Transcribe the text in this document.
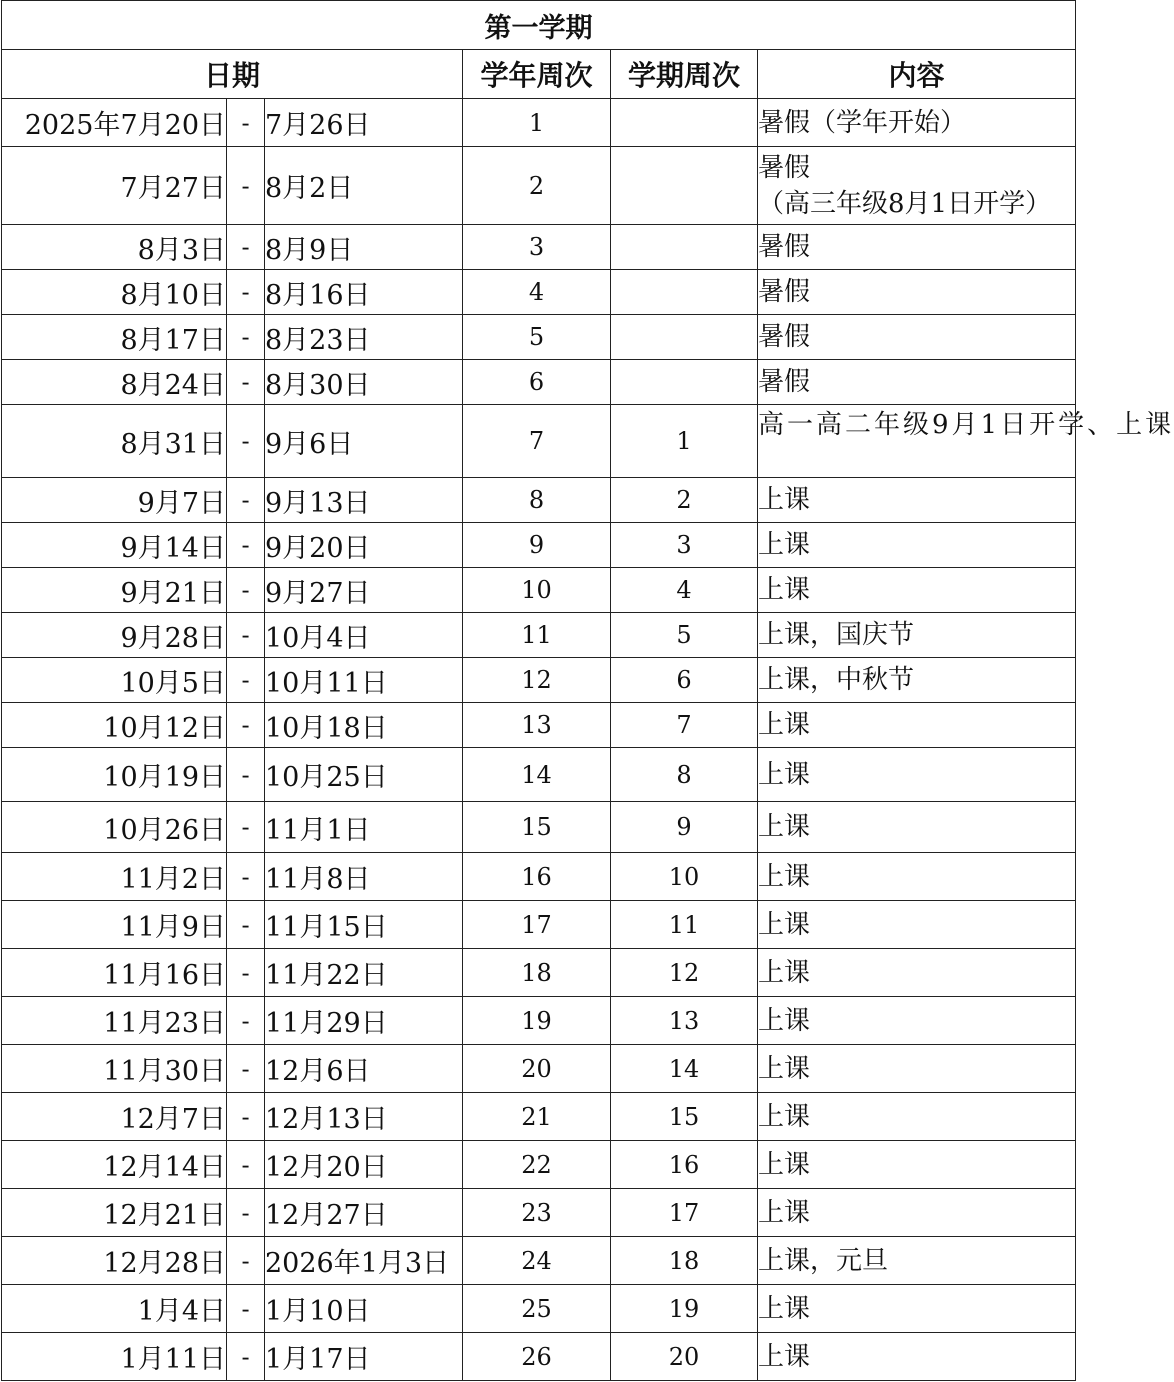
第一学期					
日期			学年周次	学期周次	内容
2025年7月20日	-	7月26日	1		暑假（学年开始）

7月27日	-	8月2日	2		暑假
（高三年级8月1日开学）

8月3日	-	8月9日	3		暑假

8月10日	-	8月16日	4		暑假

8月17日	-	8月23日	5		暑假

8月24日	-	8月30日	6		暑假

8月31日	-	9月6日	7	1	高一高二年级9月1日开学、上课

9月7日	-	9月13日	8	2	上课

9月14日	-	9月20日	9	3	上课

9月21日	-	9月27日	10	4	上课

9月28日	-	10月4日	11	5	上课，国庆节

10月5日	-	10月11日	12	6	上课，中秋节

10月12日	-	10月18日	13	7	上课

10月19日	-	10月25日	14	8	上课

10月26日	-	11月1日	15	9	上课

11月2日	-	11月8日	16	10	上课

11月9日	-	11月15日	17	11	上课

11月16日	-	11月22日	18	12	上课

11月23日	-	11月29日	19	13	上课

11月30日	-	12月6日	20	14	上课

12月7日	-	12月13日	21	15	上课

12月14日	-	12月20日	22	16	上课

12月21日	-	12月27日	23	17	上课

12月28日	-	2026年1月3日	24	18	上课，元旦

1月4日	-	1月10日	25	19	上课

1月11日	-	1月17日	26	20	上课
